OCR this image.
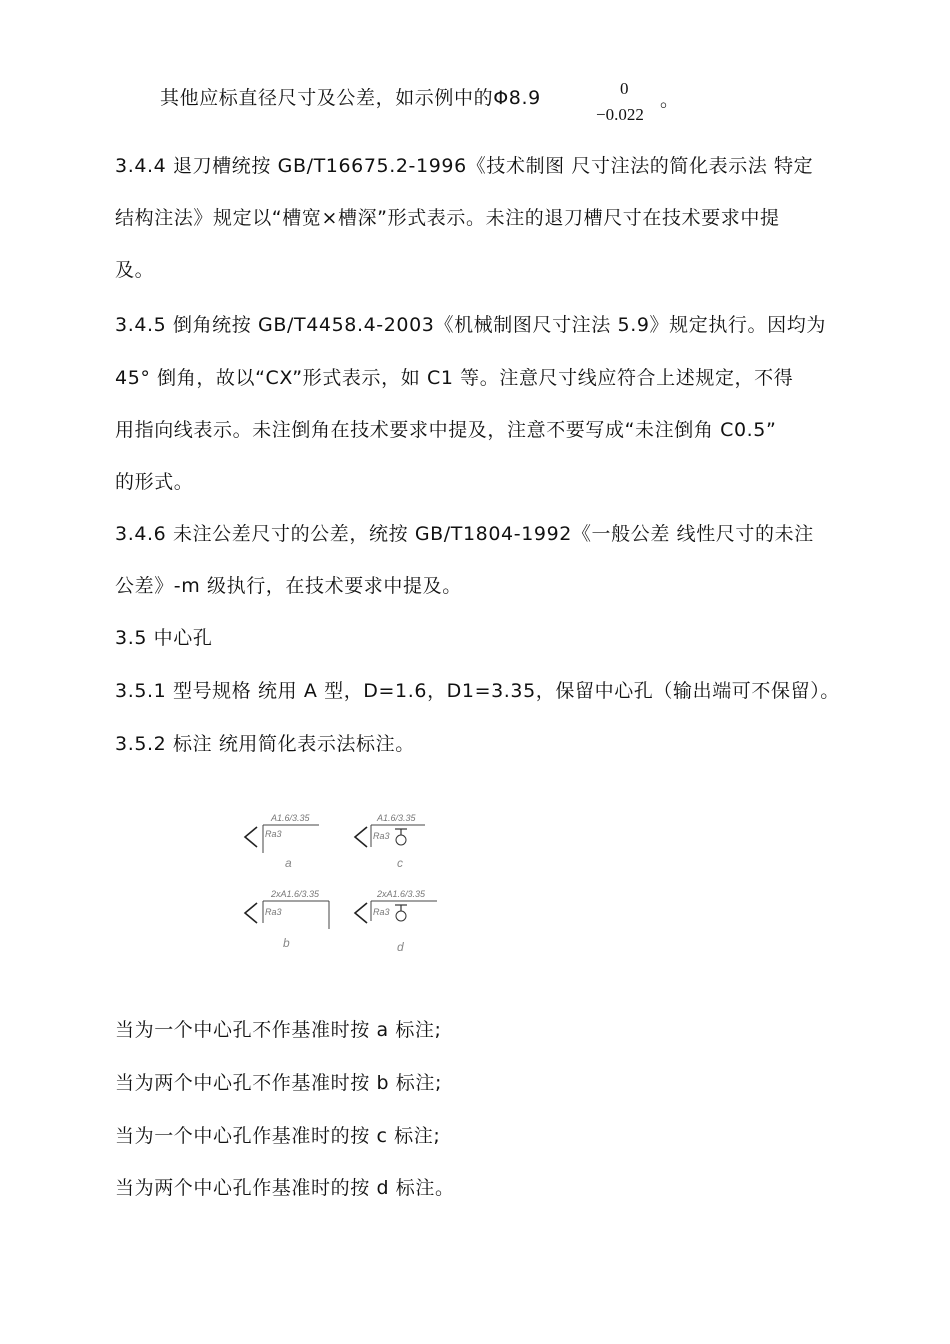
其他应标直径尺寸及公差，如示例中的Φ8.9	0
−0.022
。
3.4.4 退刀槽统按 GB/T16675.2-1996《技术制图 尺寸注法的简化表示法 特定
结构注法》规定以“槽宽×槽深”形式表示。未注的退刀槽尺寸在技术要求中提
及。
3.4.5 倒角统按 GB/T4458.4-2003《机械制图尺寸注法 5.9》规定执行。因均为
45° 倒角，故以“CX”形式表示，如 C1 等。注意尺寸线应符合上述规定，不得
用指向线表示。未注倒角在技术要求中提及，注意不要写成“未注倒角 C0.5”
的形式。
3.4.6 未注公差尺寸的公差，统按 GB/T1804-1992《一般公差 线性尺寸的未注
公差》-m 级执行，在技术要求中提及。
3.5 中心孔
3.5.1 型号规格 统用 A 型，D=1.6，D1=3.35，保留中心孔（输出端可不保留）。
3.5.2 标注 统用简化表示法标注。
A1.6/3.35
Ra3
a
A1.6/3.35
Ra3
c
2xA1.6/3.35
Ra3
b
2xA1.6/3.35
Ra3
d
当为一个中心孔不作基准时按 a 标注;
当为两个中心孔不作基准时按 b 标注;
当为一个中心孔作基准时的按 c 标注;
当为两个中心孔作基准时的按 d 标注。
